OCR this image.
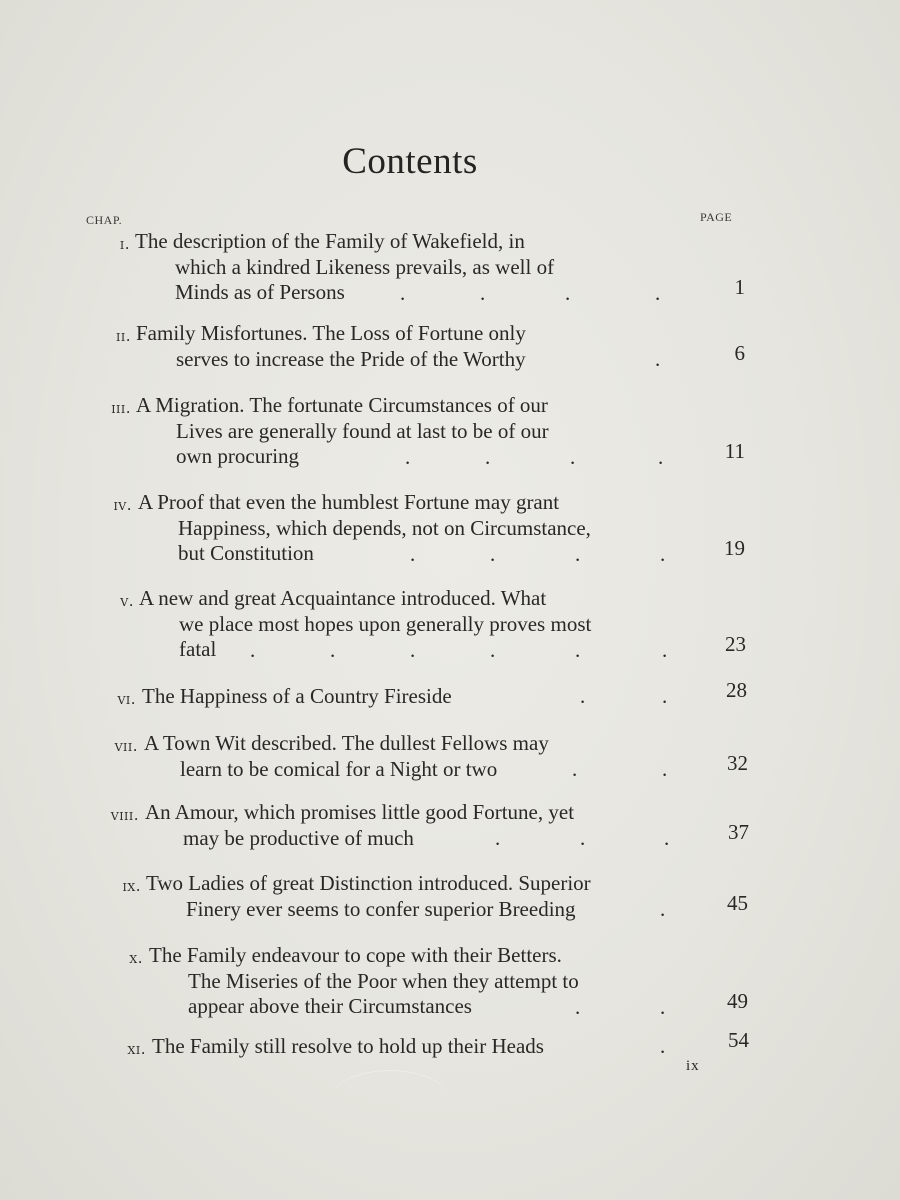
Contents
CHAP.	PAGE
i. The description of the Family of Wakefield, in
which a kindred Likeness prevails, as well of
Minds as of Persons	.	.	.	.	1
ii. Family Misfortunes. The Loss of Fortune only
serves to increase the Pride of the Worthy	.	6
iii. A Migration. The fortunate Circumstances of our
Lives are generally found at last to be of our
own procuring	.	.	.	.	11
iv. A Proof that even the humblest Fortune may grant
Happiness, which depends, not on Circumstance,
but Constitution	.	.	.	.	19
v. A new and great Acquaintance introduced. What
we place most hopes upon generally proves most
fatal .	.	.	.	.	.	23
vi. The Happiness of a Country Fireside	.	.	28
vii. A Town Wit described. The dullest Fellows may
learn to be comical for a Night or two	.	.	32
viii. An Amour, which promises little good Fortune, yet
may be productive of much	.	.	.	37
ix. Two Ladies of great Distinction introduced. Superior
Finery ever seems to confer superior Breeding	.	45
x. The Family endeavour to cope with their Betters.
The Miseries of the Poor when they attempt to
appear above their Circumstances	.	.	49
xi. The Family still resolve to hold up their Heads	.	54
ix
